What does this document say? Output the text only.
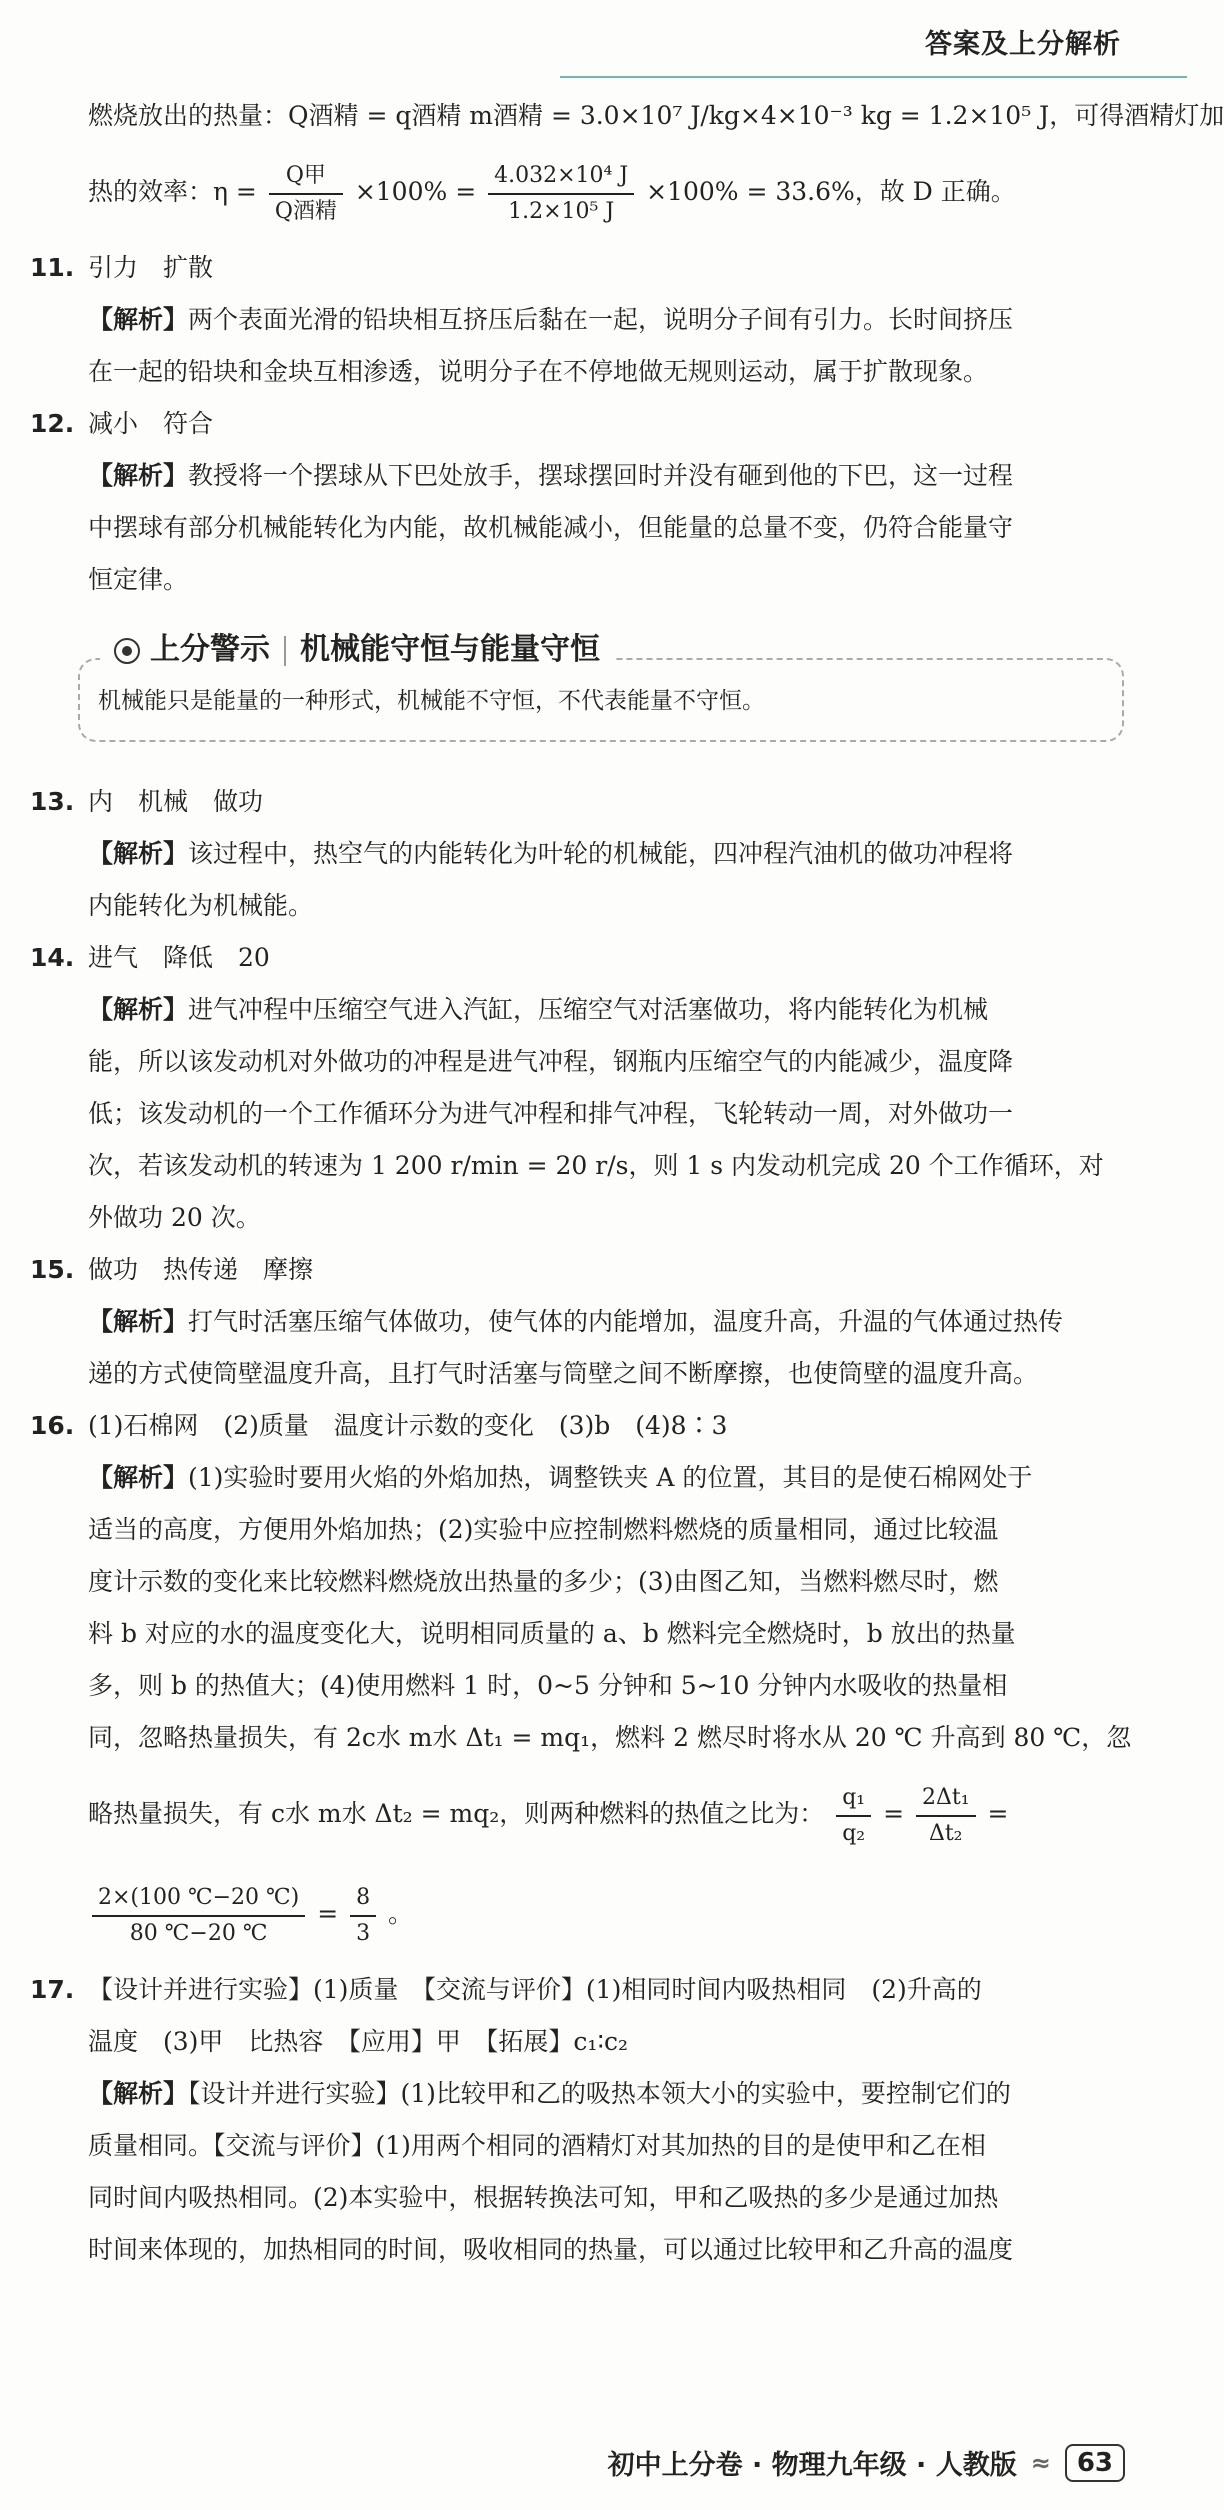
答案及上分解析
燃烧放出的热量：Q酒精 = q酒精 m酒精 = 3.0×10⁷ J/kg×4×10⁻³ kg = 1.2×10⁵ J，可得酒精灯加
热的效率：$\eta = \frac{\text{Q甲}}{\text{Q酒精}} \times 100\% = \frac{\text{4.032×10⁴ J}}{\text{1.2×10⁵ J}} \times 100\% = 33.6\%$，故 D 正确。
11. 引力　扩散
【解析】两个表面光滑的铅块相互挤压后黏在一起，说明分子间有引力。长时间挤压
在一起的铅块和金块互相渗透，说明分子在不停地做无规则运动，属于扩散现象。
12. 减小　符合
【解析】教授将一个摆球从下巴处放手，摆球摆回时并没有砸到他的下巴，这一过程
中摆球有部分机械能转化为内能，故机械能减小，但能量的总量不变，仍符合能量守
恒定律。
上分警示 机械能守恒与能量守恒
机械能只是能量的一种形式，机械能不守恒，不代表能量不守恒。
13. 内　机械　做功
【解析】该过程中，热空气的内能转化为叶轮的机械能，四冲程汽油机的做功冲程将
内能转化为机械能。
14. 进气　降低　20
【解析】进气冲程中压缩空气进入汽缸，压缩空气对活塞做功，将内能转化为机械
能，所以该发动机对外做功的冲程是进气冲程，钢瓶内压缩空气的内能减少，温度降
低；该发动机的一个工作循环分为进气冲程和排气冲程，飞轮转动一周，对外做功一
次，若该发动机的转速为 1 200 r/min = 20 r/s，则 1 s 内发动机完成 20 个工作循环，对
外做功 20 次。
15. 做功　热传递　摩擦
【解析】打气时活塞压缩气体做功，使气体的内能增加，温度升高，升温的气体通过热传
递的方式使筒壁温度升高，且打气时活塞与筒壁之间不断摩擦，也使筒壁的温度升高。
16. (1)石棉网　(2)质量　温度计示数的变化　(3)b　(4)8∶3
【解析】(1)实验时要用火焰的外焰加热，调整铁夹 A 的位置，其目的是使石棉网处于
适当的高度，方便用外焰加热；(2)实验中应控制燃料燃烧的质量相同，通过比较温
度计示数的变化来比较燃料燃烧放出热量的多少；(3)由图乙知，当燃料燃尽时，燃
料 b 对应的水的温度变化大，说明相同质量的 a、b 燃料完全燃烧时，b 放出的热量
多，则 b 的热值大；(4)使用燃料 1 时，0~5 分钟和 5~10 分钟内水吸收的热量相
同，忽略热量损失，有 2c水 m水 Δt₁ = mq₁，燃料 2 燃尽时将水从 20 ℃ 升高到 80 ℃，忽
略热量损失，有 c水 m水 Δt₂ = mq₂，则两种燃料的热值之比为： $\frac{\text{q₁}}{\text{q₂}} = \frac{\text{2Δt₁}}{\text{Δt₂}}$ =
$\frac{2\times(100 ℃-20 ℃)}{80 ℃-20 ℃} = \frac{8}{3}$ 。
17. 【设计并进行实验】(1)质量　【交流与评价】(1)相同时间内吸热相同　(2)升高的
温度　(3)甲　比热容　【应用】甲　【拓展】c₁∶c₂
【解析】【设计并进行实验】(1)比较甲和乙的吸热本领大小的实验中，要控制它们的
质量相同。【交流与评价】(1)用两个相同的酒精灯对其加热的目的是使甲和乙在相
同时间内吸热相同。(2)本实验中，根据转换法可知，甲和乙吸热的多少是通过加热
时间来体现的，加热相同的时间，吸收相同的热量，可以通过比较甲和乙升高的温度
初中上分卷 · 物理九年级 · 人教版 ≈	63
